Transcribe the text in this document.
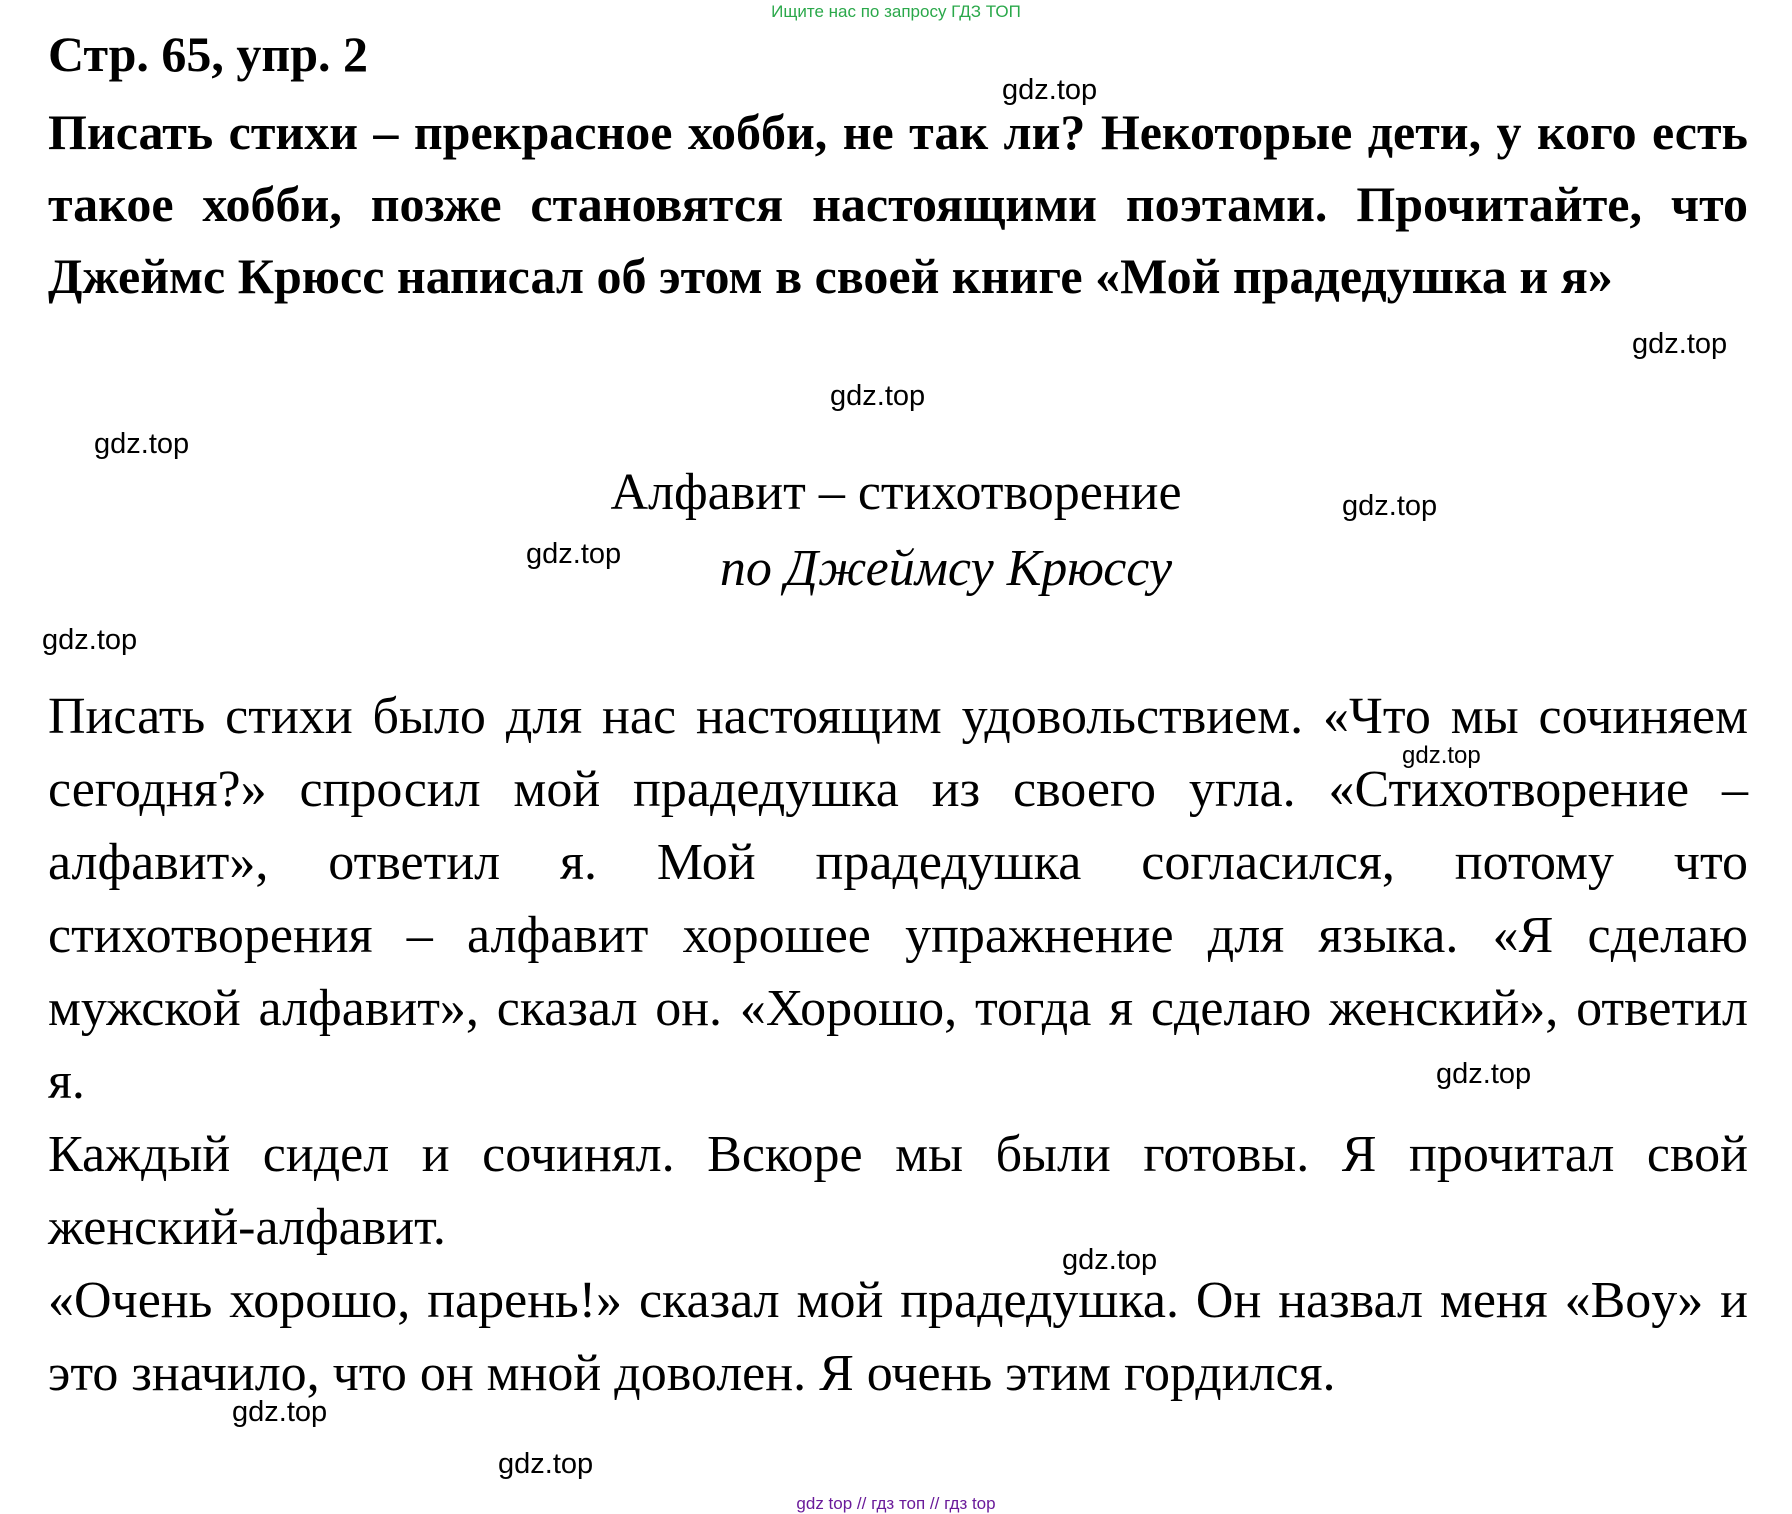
Ищите нас по запросу ГДЗ ТОП
Стр. 65, упр. 2

Писать стихи – прекрасное хобби, не так ли? Некоторые дети, у кого есть такое хобби, позже становятся настоящими поэтами. Прочитайте, что Джеймс Крюсс написал об этом в своей книге «Мой прадедушка и я»

Алфавит – стихотворение

по Джеймсу Крюссу

Писать стихи было для нас настоящим удовольствием. «Что мы сочиняем сегодня?» спросил мой прадедушка из своего угла. «Стихотворение – алфавит», ответил я. Мой прадедушка согласился, потому что стихотворения – алфавит хорошее упражнение для языка. «Я сделаю мужской алфавит», сказал он. «Хорошо, тогда я сделаю женский», ответил я.

Каждый сидел и сочинял. Вскоре мы были готовы. Я прочитал свой женский-алфавит.

«Очень хорошо, парень!» сказал мой прадедушка. Он назвал меня «Boy» и это значило, что он мной доволен. Я очень этим гордился.

gdz.top
gdz.top
gdz.top
gdz.top
gdz.top
gdz.top
gdz.top
gdz.top
gdz.top
gdz.top
gdz.top
gdz.top
gdz top // гдз топ // гдз top
